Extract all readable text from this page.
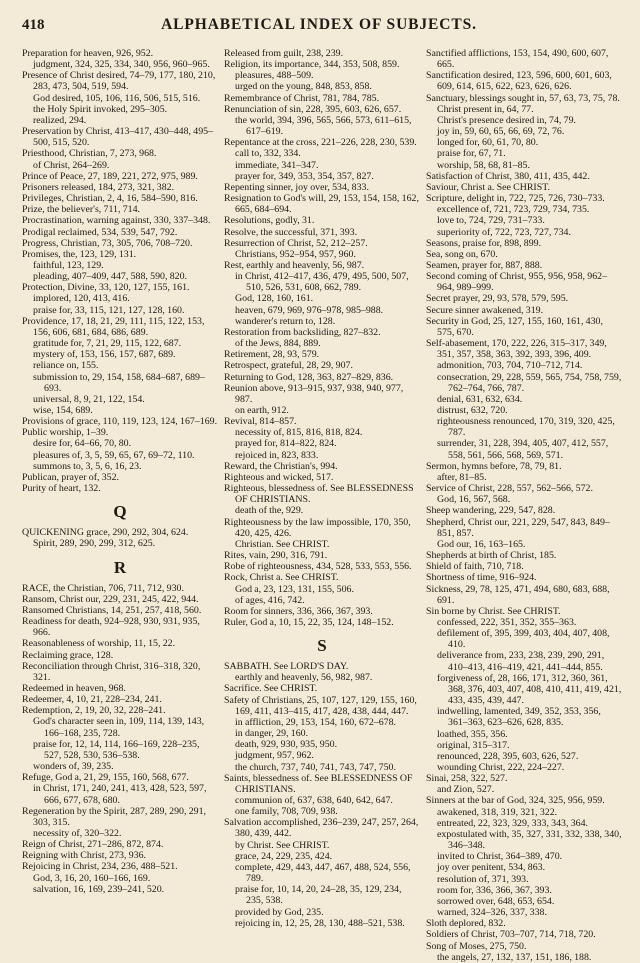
418	ALPHABETICAL INDEX OF SUBJECTS.
Preparation for heaven, 926, 952.
judgment, 324, 325, 334, 340, 956, 960–965.
Presence of Christ desired, 74–79, 177, 180, 210, 283, 473, 504, 519, 594.
God desired, 105, 106, 116, 506, 515, 516.
the Holy Spirit invoked, 295–305.
realized, 294.
Preservation by Christ, 413–417, 430–448, 495–500, 515, 520.
Priesthood, Christian, 7, 273, 968.
of Christ, 264–269.
Prince of Peace, 27, 189, 221, 272, 975, 989.
Prisoners released, 184, 273, 321, 382.
Privileges, Christian, 2, 4, 16, 584–590, 816.
Prize, the believer's, 711, 714.
Procrastination, warning against, 330, 337–348.
Prodigal reclaimed, 534, 539, 547, 792.
Progress, Christian, 73, 305, 706, 708–720.
Promises, the, 123, 129, 131.
faithful, 123, 129.
pleading, 407–409, 447, 588, 590, 820.
Protection, Divine, 33, 120, 127, 155, 161.
implored, 120, 413, 416.
praise for, 33, 115, 121, 127, 128, 160.
Providence, 17, 18, 21, 29, 111, 115, 122, 153, 156, 606, 681, 684, 686, 689.
gratitude for, 7, 21, 29, 115, 122, 687.
mystery of, 153, 156, 157, 687, 689.
reliance on, 155.
submission to, 29, 154, 158, 684–687, 689–693.
universal, 8, 9, 21, 122, 154.
wise, 154, 689.
Provisions of grace, 110, 119, 123, 124, 167–169.
Public worship, 1–39.
desire for, 64–66, 70, 80.
pleasures of, 3, 5, 59, 65, 67, 69–72, 110.
summons to, 3, 5, 6, 16, 23.
Publican, prayer of, 352.
Purity of heart, 132.
Q
QUICKENING grace, 290, 292, 304, 624.
Spirit, 289, 290, 299, 312, 625.
R
RACE, the Christian, 706, 711, 712, 930.
Ransom, Christ our, 229, 231, 245, 422, 944.
Ransomed Christians, 14, 251, 257, 418, 560.
Readiness for death, 924–928, 930, 931, 935, 966.
Reasonableness of worship, 11, 15, 22.
Reclaiming grace, 128.
Reconciliation through Christ, 316–318, 320, 321.
Redeemed in heaven, 968.
Redeemer, 4, 10, 21, 228–234, 241.
Redemption, 2, 19, 20, 32, 228–241.
God's character seen in, 109, 114, 139, 143, 166–168, 235, 728.
praise for, 12, 14, 114, 166–169, 228–235, 527, 528, 530, 536–538.
wonders of, 39, 235.
Refuge, God a, 21, 29, 155, 160, 568, 677.
in Christ, 171, 240, 241, 413, 428, 523, 597, 666, 677, 678, 680.
Regeneration by the Spirit, 287, 289, 290, 291, 303, 315.
necessity of, 320–322.
Reign of Christ, 271–286, 872, 874.
Reigning with Christ, 273, 936.
Rejoicing in Christ, 234, 236, 488–521.
God, 3, 16, 20, 160–166, 169.
salvation, 16, 169, 239–241, 520.
Released from guilt, 238, 239.
Religion, its importance, 344, 353, 508, 859.
pleasures, 488–509.
urged on the young, 848, 853, 858.
Remembrance of Christ, 781, 784, 785.
Renunciation of sin, 228, 395, 603, 626, 657.
the world, 394, 396, 565, 566, 573, 611–615, 617–619.
Repentance at the cross, 221–226, 228, 230, 539.
call to, 332, 334.
immediate, 341–347.
prayer for, 349, 353, 354, 357, 827.
Repenting sinner, joy over, 534, 833.
Resignation to God's will, 29, 153, 154, 158, 162, 665, 684–694.
Resolutions, godly, 31.
Resolve, the successful, 371, 393.
Resurrection of Christ, 52, 212–257.
Christians, 952–954, 957, 960.
Rest, earthly and heavenly, 56, 987.
in Christ, 412–417, 436, 479, 495, 500, 507, 510, 526, 531, 608, 662, 789.
God, 128, 160, 161.
heaven, 679, 969, 976–978, 985–988.
wanderer's return to, 128.
Restoration from backsliding, 827–832.
of the Jews, 884, 889.
Retirement, 28, 93, 579.
Retrospect, grateful, 28, 29, 907.
Returning to God, 128, 363, 827–829, 836.
Reunion above, 913–915, 937, 938, 940, 977, 987.
on earth, 912.
Revival, 814–857.
necessity of, 815, 816, 818, 824.
prayed for, 814–822, 824.
rejoiced in, 823, 833.
Reward, the Christian's, 994.
Righteous and wicked, 517.
Righteous, blessedness of. See BLESSEDNESS OF CHRISTIANS.
death of the, 929.
Righteousness by the law impossible, 170, 350, 420, 425, 426.
Christian. See CHRIST.
Rites, vain, 290, 316, 791.
Robe of righteousness, 434, 528, 533, 553, 556.
Rock, Christ a. See CHRIST.
God a, 23, 123, 131, 155, 506.
of ages, 416, 742.
Room for sinners, 336, 366, 367, 393.
Ruler, God a, 10, 15, 22, 35, 124, 148–152.
S
SABBATH. See LORD'S DAY.
earthly and heavenly, 56, 982, 987.
Sacrifice. See CHRIST.
Safety of Christians, 25, 107, 127, 129, 155, 160, 169, 411, 413–415, 417, 428, 438, 444, 447.
in affliction, 29, 153, 154, 160, 672–678.
in danger, 29, 160.
death, 929, 930, 935, 950.
judgment, 957, 962.
the church, 737, 740, 741, 743, 747, 750.
Saints, blessedness of. See BLESSEDNESS OF CHRISTIANS.
communion of, 637, 638, 640, 642, 647.
one family, 708, 709, 938.
Salvation accomplished, 236–239, 247, 257, 264, 380, 439, 442.
by Christ. See CHRIST.
grace, 24, 229, 235, 424.
complete, 429, 443, 447, 467, 488, 524, 556, 789.
praise for, 10, 14, 20, 24–28, 35, 129, 234, 235, 538.
provided by God, 235.
rejoicing in, 12, 25, 28, 130, 488–521, 538.
Sanctified afflictions, 153, 154, 490, 600, 607, 665.
Sanctification desired, 123, 596, 600, 601, 603, 609, 614, 615, 622, 623, 626, 626.
Sanctuary, blessings sought in, 57, 63, 73, 75, 78.
Christ present in, 64, 77.
Christ's presence desired in, 74, 79.
joy in, 59, 60, 65, 66, 69, 72, 76.
longed for, 60, 61, 70, 80.
praise for, 67, 71.
worship, 58, 68, 81–85.
Satisfaction of Christ, 380, 411, 435, 442.
Saviour, Christ a. See CHRIST.
Scripture, delight in, 722, 725, 726, 730–733.
excellence of, 721, 723, 729, 734, 735.
love to, 724, 729, 731–733.
superiority of, 722, 723, 727, 734.
Seasons, praise for, 898, 899.
Sea, song on, 670.
Seamen, prayer for, 887, 888.
Second coming of Christ, 955, 956, 958, 962–964, 989–999.
Secret prayer, 29, 93, 578, 579, 595.
Secure sinner awakened, 319.
Security in God, 25, 127, 155, 160, 161, 430, 575, 670.
Self-abasement, 170, 222, 226, 315–317, 349, 351, 357, 358, 363, 392, 393, 396, 409.
admonition, 703, 704, 710–712, 714.
consecration, 29, 228, 559, 565, 754, 758, 759, 762–764, 766, 787.
denial, 631, 632, 634.
distrust, 632, 720.
righteousness renounced, 170, 319, 320, 425, 787.
surrender, 31, 228, 394, 405, 407, 412, 557, 558, 561, 566, 568, 569, 571.
Sermon, hymns before, 78, 79, 81.
after, 81–85.
Service of Christ, 228, 557, 562–566, 572.
God, 16, 567, 568.
Sheep wandering, 229, 547, 828.
Shepherd, Christ our, 221, 229, 547, 843, 849–851, 857.
God our, 16, 163–165.
Shepherds at birth of Christ, 185.
Shield of faith, 710, 718.
Shortness of time, 916–924.
Sickness, 29, 78, 125, 471, 494, 680, 683, 688, 691.
Sin borne by Christ. See CHRIST.
confessed, 222, 351, 352, 355–363.
defilement of, 395, 399, 403, 404, 407, 408, 410.
deliverance from, 233, 238, 239, 290, 291, 410–413, 416–419, 421, 441–444, 855.
forgiveness of, 28, 166, 171, 312, 360, 361, 368, 376, 403, 407, 408, 410, 411, 419, 421, 433, 435, 439, 447.
indwelling, lamented, 349, 352, 353, 356, 361–363, 623–626, 628, 835.
loathed, 355, 356.
original, 315–317.
renounced, 228, 395, 603, 626, 527.
wounding Christ, 222, 224–227.
Sinai, 258, 322, 527.
and Zion, 527.
Sinners at the bar of God, 324, 325, 956, 959.
awakened, 318, 319, 321, 322.
entreated, 22, 323, 329, 333, 343, 364.
expostulated with, 35, 327, 331, 332, 338, 340, 346–348.
invited to Christ, 364–389, 470.
joy over penitent, 534, 863.
resolution of, 371, 393.
room for, 336, 366, 367, 393.
sorrowed over, 648, 653, 654.
warned, 324–326, 337, 338.
Sloth deplored, 832.
Soldiers of Christ, 703–707, 714, 718, 720.
Song of Moses, 275, 750.
the angels, 27, 132, 137, 151, 186, 188.
